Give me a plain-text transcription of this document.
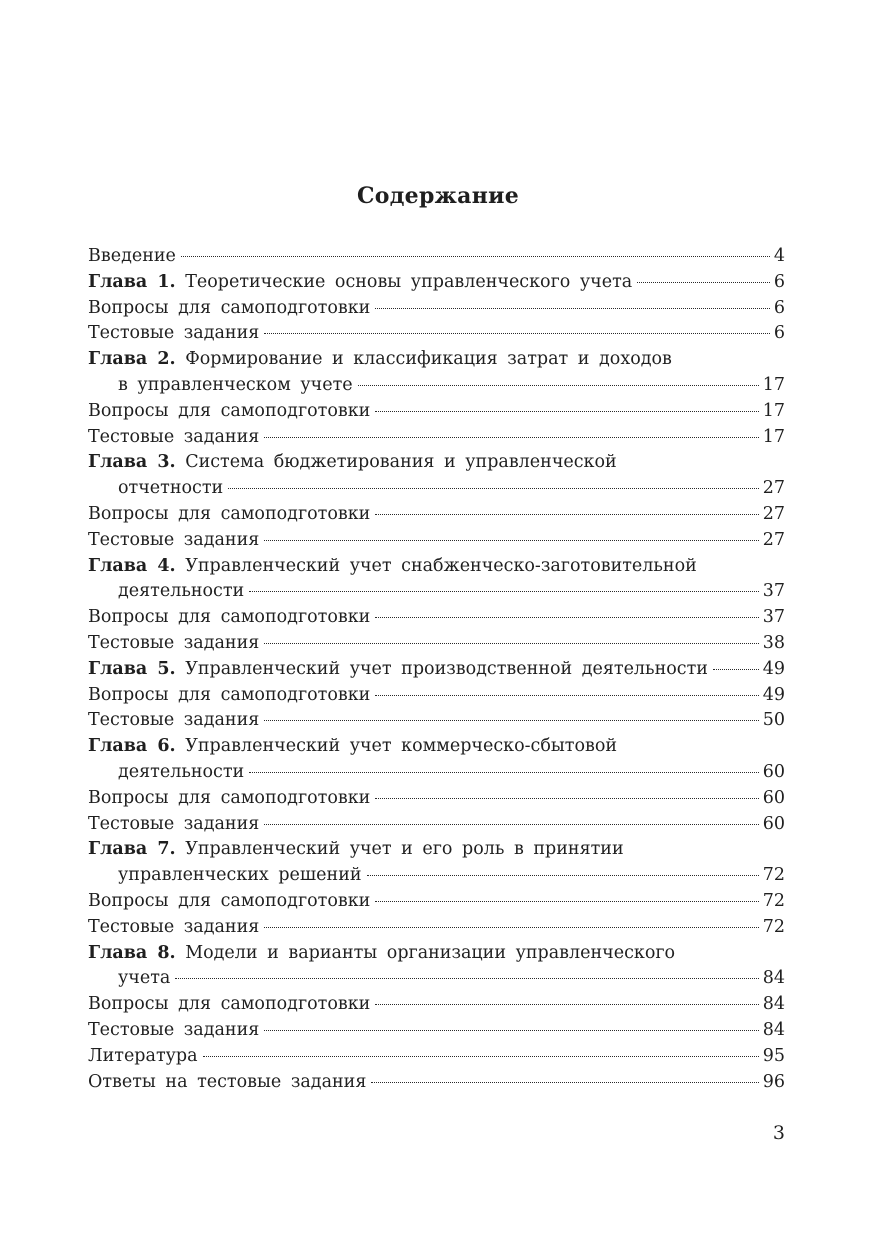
Содержание
Введение	4
Глава 1. Теоретические основы управленческого учета	6
Вопросы для самоподготовки	6
Тестовые задания	6
Глава 2. Формирование и классификация затрат и доходов
в управленческом учете	17
Вопросы для самоподготовки	17
Тестовые задания	17
Глава 3. Система бюджетирования и управленческой
отчетности	27
Вопросы для самоподготовки	27
Тестовые задания	27
Глава 4. Управленческий учет снабженческо-заготовительной
деятельности	37
Вопросы для самоподготовки	37
Тестовые задания	38
Глава 5. Управленческий учет производственной деятельности	49
Вопросы для самоподготовки	49
Тестовые задания	50
Глава 6. Управленческий учет коммерческо-сбытовой
деятельности	60
Вопросы для самоподготовки	60
Тестовые задания	60
Глава 7. Управленческий учет и его роль в принятии
управленческих решений	72
Вопросы для самоподготовки	72
Тестовые задания	72
Глава 8. Модели и варианты организации управленческого
учета	84
Вопросы для самоподготовки	84
Тестовые задания	84
Литература	95
Ответы на тестовые задания	96
3
